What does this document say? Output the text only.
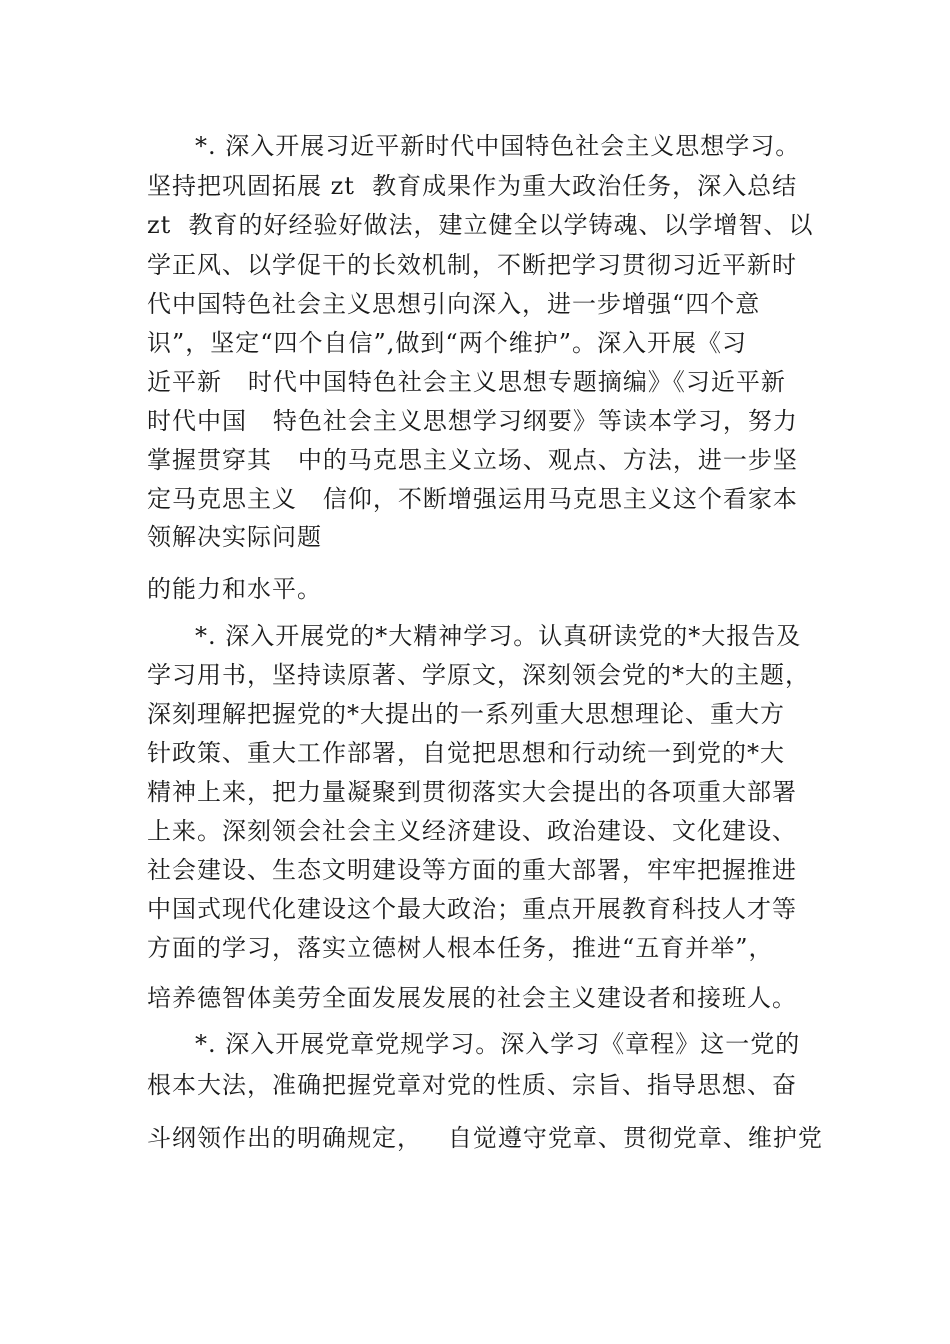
*. 深入开展习近平新时代中国特色社会主义思想学习。
坚持把巩固拓展 zt  教育成果作为重大政治任务，深入总结
zt  教育的好经验好做法，建立健全以学铸魂、以学增智、以
学正风、以学促干的长效机制，不断把学习贯彻习近平新时
代中国特色社会主义思想引向深入，进一步增强“四个意
识”，坚定“四个自信”,做到“两个维护”。深入开展《习
近平新   时代中国特色社会主义思想专题摘编》《习近平新
时代中国   特色社会主义思想学习纲要》等读本学习，努力
掌握贯穿其   中的马克思主义立场、观点、方法，进一步坚
定马克思主义   信仰，不断增强运用马克思主义这个看家本
领解决实际问题
的能力和水平。
*. 深入开展党的*大精神学习。认真研读党的*大报告及
学习用书，坚持读原著、学原文，深刻领会党的*大的主题，
深刻理解把握党的*大提出的一系列重大思想理论、重大方
针政策、重大工作部署，自觉把思想和行动统一到党的*大
精神上来，把力量凝聚到贯彻落实大会提出的各项重大部署
上来。深刻领会社会主义经济建设、政治建设、文化建设、
社会建设、生态文明建设等方面的重大部署，牢牢把握推进
中国式现代化建设这个最大政治；重点开展教育科技人才等
方面的学习，落实立德树人根本任务，推进“五育并举”，
培养德智体美劳全面发展发展的社会主义建设者和接班人。
*. 深入开展党章党规学习。深入学习《章程》这一党的
根本大法，准确把握党章对党的性质、宗旨、指导思想、奋
斗纲领作出的明确规定，   自觉遵守党章、贯彻党章、维护党
